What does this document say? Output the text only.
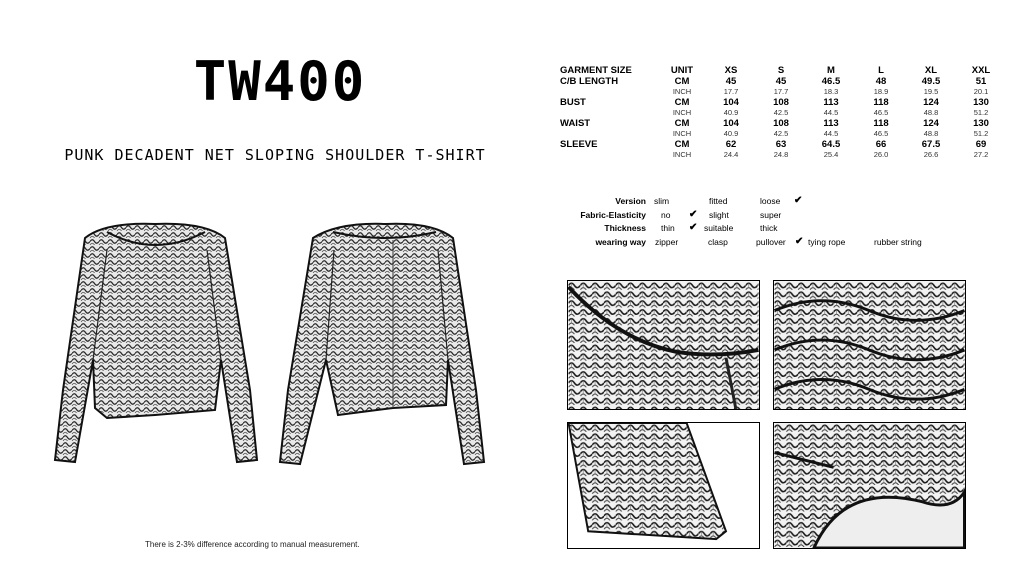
TW400
PUNK DECADENT NET SLOPING SHOULDER T-SHIRT
There is 2-3% difference according to manual measurement.
GARMENT SIZE	UNIT	XS	S	M	L	XL	XXL
C/B LENGTH	CM	45	45	46.5	48	49.5	51
	INCH	17.7	17.7	18.3	18.9	19.5	20.1
BUST	CM	104	108	113	118	124	130
	INCH	40.9	42.5	44.5	46.5	48.8	51.2
WAIST	CM	104	108	113	118	124	130
	INCH	40.9	42.5	44.5	46.5	48.8	51.2
SLEEVE	CM	62	63	64.5	66	67.5	69
	INCH	24.4	24.8	25.4	26.0	26.6	27.2
Version slim	fitted	loose ✔
Fabric-Elasticity no ✔ slight	super
Thickness thin ✔ suitable	thick
wearing way zipper	clasp	pullover ✔ tying rope	rubber string
